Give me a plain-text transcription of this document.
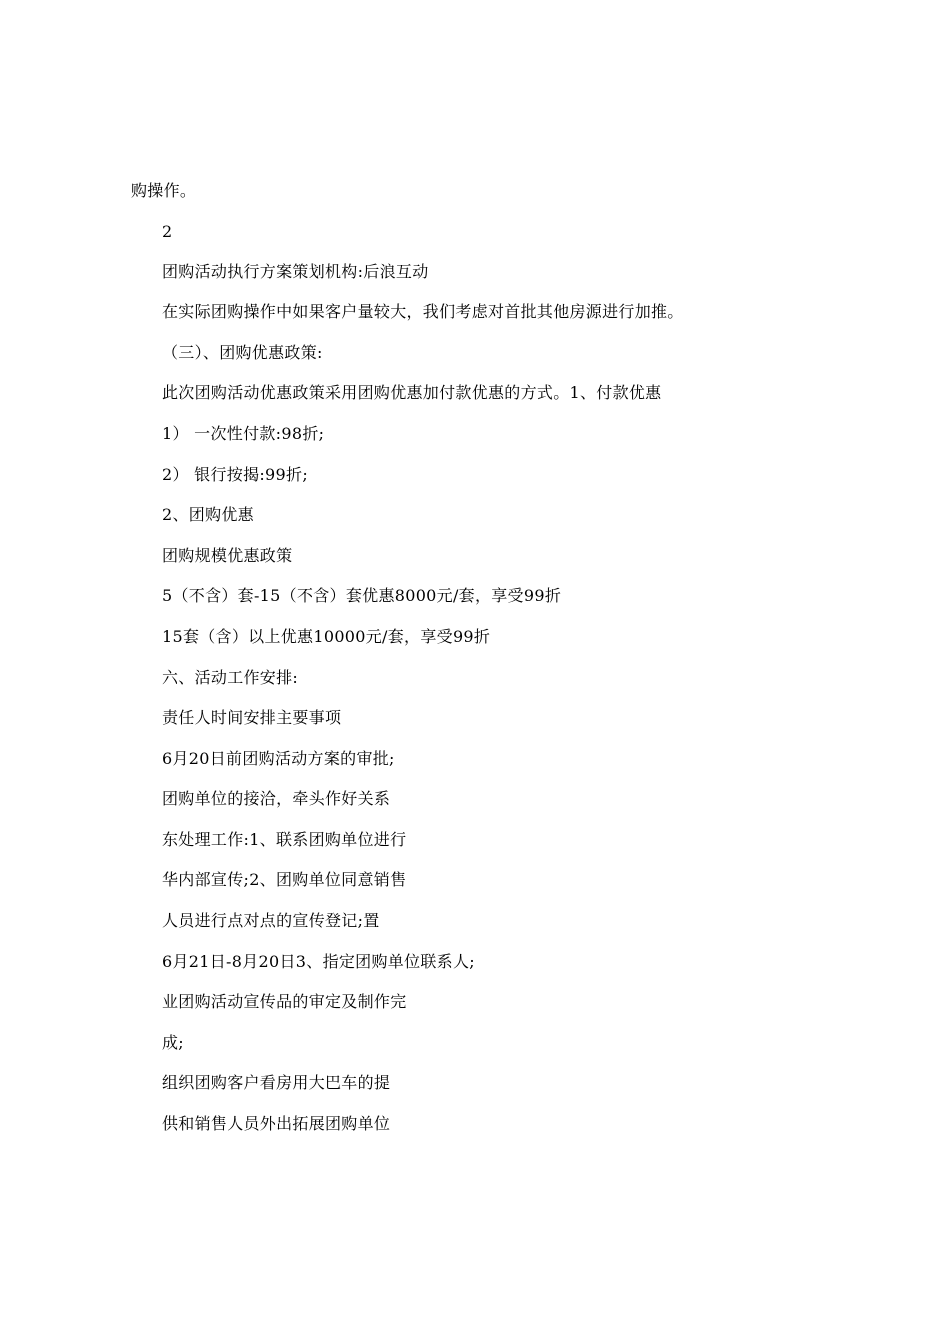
购操作。
2
团购活动执行方案策划机构:后浪互动
在实际团购操作中如果客户量较大，我们考虑对首批其他房源进行加推。
（三）、团购优惠政策:
此次团购活动优惠政策采用团购优惠加付款优惠的方式。1、付款优惠
1） 一次性付款:98折;
2） 银行按揭:99折;
2、团购优惠
团购规模优惠政策
5（不含）套-15（不含）套优惠8000元/套，享受99折
15套（含）以上优惠10000元/套，享受99折
六、活动工作安排:
责任人时间安排主要事项
6月20日前团购活动方案的审批;
团购单位的接洽，牵头作好关系
东处理工作:1、联系团购单位进行
华内部宣传;2、团购单位同意销售
人员进行点对点的宣传登记;置
6月21日-8月20日3、指定团购单位联系人;
业团购活动宣传品的审定及制作完
成;
组织团购客户看房用大巴车的提
供和销售人员外出拓展团购单位
